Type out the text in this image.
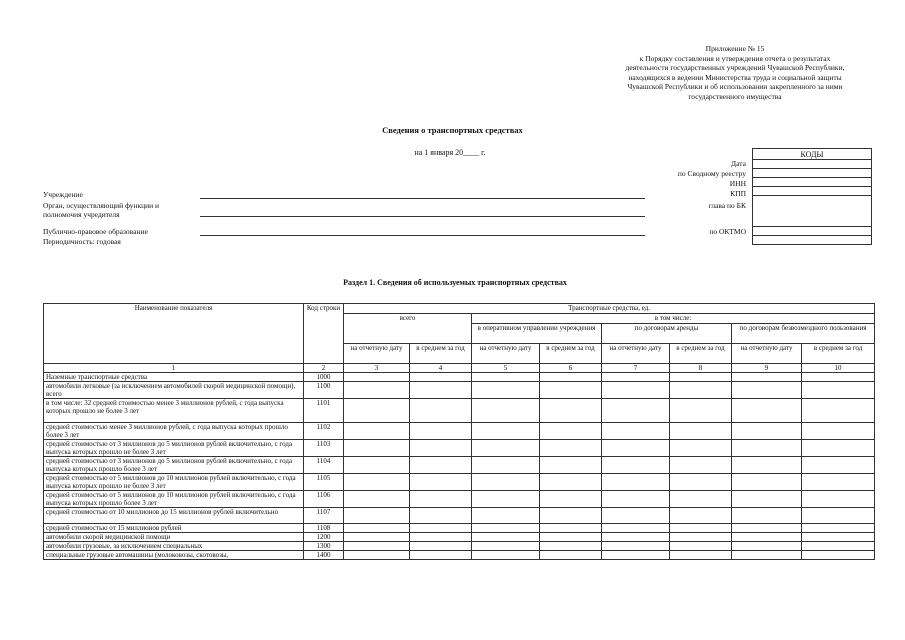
Приложение № 15
к Порядку составления и утверждения отчета о результатах
деятельности государственных учреждений Чувашской Республики,
находящихся в ведении Министерства труда и социальной защиты
Чувашской Республики и об использовании закрепленного за ними
государственного имущества
Сведения о транспортных средствах
на 1 января 20____ г.
Учреждение
Орган, осуществляющий функции и полномочия учредителя
Публично-правовое образование
Периодичность: годовая
Дата
по Сводному реестру
ИНН
КПП
глава по БК
по ОКТМО
КОДЫ

Раздел 1. Сведения об используемых транспортных средствах
Наименование показателя	Код строки	Транспортные средства, ед.							
		всего		в том числе:					
				в оперативном управлении учреждения		по договорам аренды		по договорам безвозмездного пользования	
		на отчетную дату	в среднем за год	на отчетную дату	в среднем за год	на отчетную дату	в среднем за год	на отчетную дату	в среднем за год
1	2	3	4	5	6	7	8	9	10
Наземные транспортные средства	1000								
автомобили легковые (за исключением автомобилей скорой медицинской помощи), всего	1100								
в том числе: 32 средней стоимостью менее 3 миллионов рублей, с года выпуска которых прошло не более 3 лет	1101								
средней стоимостью менее 3 миллионов рублей, с года выпуска которых прошло более 3 лет	1102								
средней стоимостью от 3 миллионов до 5 миллионов рублей включительно, с года выпуска которых прошло не более 3 лет	1103								
средней стоимостью от 3 миллионов до 5 миллионов рублей включительно, с года выпуска которых прошло более 3 лет	1104								
средней стоимостью от 5 миллионов до 10 миллионов рублей включительно, с года выпуска которых прошло не более 3 лет	1105								
средней стоимостью от 5 миллионов до 10 миллионов рублей включительно, с года выпуска которых прошло более 3 лет	1106								
средней стоимостью от 10 миллионов до 15 миллионов рублей включительно	1107								
средней стоимостью от 15 миллионов рублей	1108								
автомобили скорой медицинской помощи	1200								
автомобили грузовые, за исключением специальных	1300								
специальные грузовые автомашины (молоковозы, скотовозы,	1400								
